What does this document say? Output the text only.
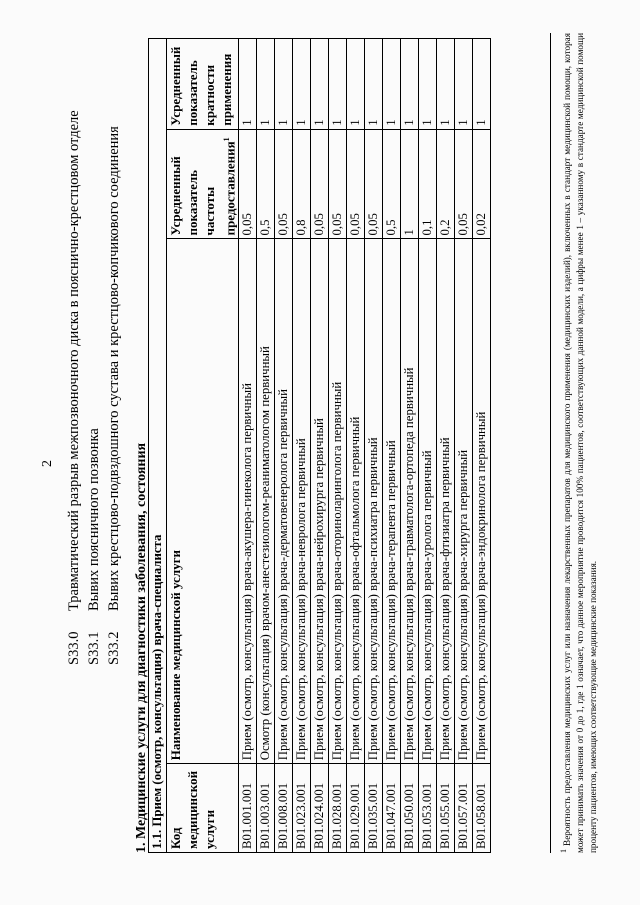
2
S33.0
Травматический разрыв межпозвоночного диска в пояснично-крестцовом отделе
S33.1
Вывих поясничного позвонка
S33.2
Вывих крестцово-подвздошного сустава и крестцово-копчикового соединения
1. Медицинские услуги для диагностики заболевания, состояния 1.1. Прием (осмотр, консультация) врача-специалиста			
Код медицинской услуги	Наименование медицинской услуги	Усредненный показатель частоты предоставления$^1$	Усредненный показатель кратности применения
B01.001.001	Прием (осмотр, консультация) врача-акушера-гинеколога первичный	0,05	1
B01.003.001	Осмотр (консультация) врачом-анестезиологом-реаниматологом первичный	0,5	1
B01.008.001	Прием (осмотр, консультация) врача-дерматовенеролога первичный	0,05	1
B01.023.001	Прием (осмотр, консультация) врача-невролога первичный	0,8	1
B01.024.001	Прием (осмотр, консультация) врача-нейрохирурга первичный	0,05	1
B01.028.001	Прием (осмотр, консультация) врача-оториноларинголога первичный	0,05	1
B01.029.001	Прием (осмотр, консультация) врача-офтальмолога первичный	0,05	1
B01.035.001	Прием (осмотр, консультация) врача-психиатра первичный	0,05	1
B01.047.001	Прием (осмотр, консультация) врача-терапевта первичный	0,5	1
B01.050.001	Прием (осмотр, консультация) врача-травматолога-ортопеда первичный	1	1
B01.053.001	Прием (осмотр, консультация) врача-уролога первичный	0,1	1
B01.055.001	Прием (осмотр, консультация) врача-фтизиатра первичный	0,2	1
B01.057.001	Прием (осмотр, консультация) врача-хирурга первичный	0,05	1
B01.058.001	Прием (осмотр, консультация) врача-эндокринолога первичный	0,02	1
$^1$ Вероятность предоставления медицинских услуг или назначения лекарственных препаратов для медицинского применения (медицинских изделий), включенных в стандарт медицинской помощи, которая может принимать значения от 0 до 1, где 1 означает, что данное мероприятие проводится 100% пациентов, соответствующих данной модели, а цифры менее 1 – указанному в стандарте медицинской помощи проценту пациентов, имеющих соответствующие медицинские показания.
